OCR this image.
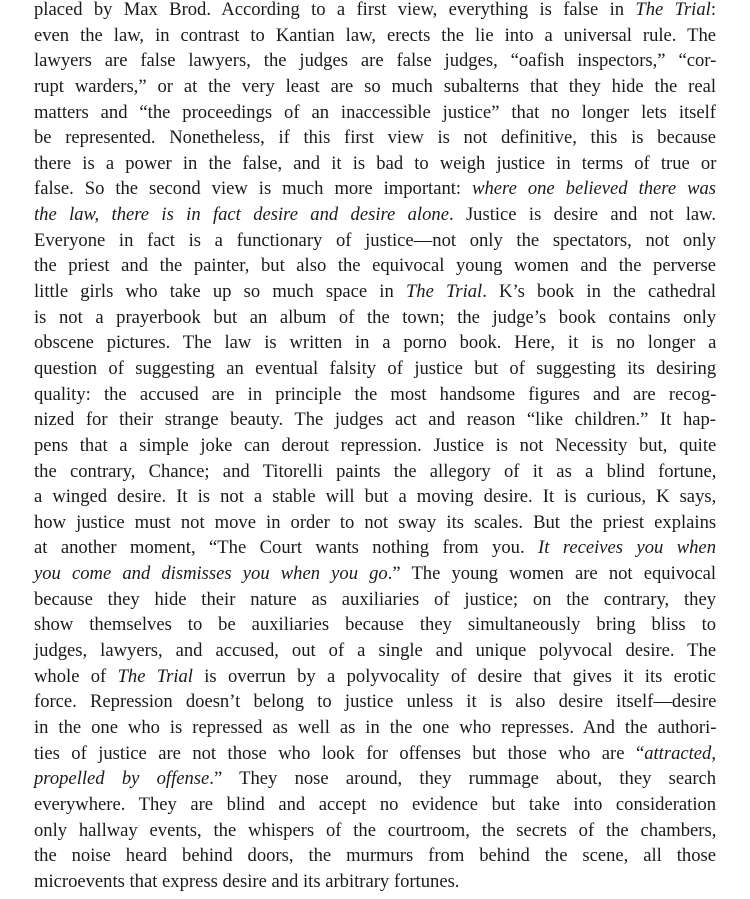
placed by Max Brod. According to a first view, everything is false in The Trial:
even the law, in contrast to Kantian law, erects the lie into a universal rule. The
lawyers are false lawyers, the judges are false judges, “oafish inspectors,” “cor-
rupt warders,” or at the very least are so much subalterns that they hide the real
matters and “the proceedings of an inaccessible justice” that no longer lets itself
be represented. Nonetheless, if this first view is not definitive, this is because
there is a power in the false, and it is bad to weigh justice in terms of true or
false. So the second view is much more important: where one believed there was
the law, there is in fact desire and desire alone. Justice is desire and not law.
Everyone in fact is a functionary of justice—not only the spectators, not only
the priest and the painter, but also the equivocal young women and the perverse
little girls who take up so much space in The Trial. K’s book in the cathedral
is not a prayerbook but an album of the town; the judge’s book contains only
obscene pictures. The law is written in a porno book. Here, it is no longer a
question of suggesting an eventual falsity of justice but of suggesting its desiring
quality: the accused are in principle the most handsome figures and are recog-
nized for their strange beauty. The judges act and reason “like children.” It hap-
pens that a simple joke can derout repression. Justice is not Necessity but, quite
the contrary, Chance; and Titorelli paints the allegory of it as a blind fortune,
a winged desire. It is not a stable will but a moving desire. It is curious, K says,
how justice must not move in order to not sway its scales. But the priest explains
at another moment, “The Court wants nothing from you. It receives you when
you come and dismisses you when you go.” The young women are not equivocal
because they hide their nature as auxiliaries of justice; on the contrary, they
show themselves to be auxiliaries because they simultaneously bring bliss to
judges, lawyers, and accused, out of a single and unique polyvocal desire. The
whole of The Trial is overrun by a polyvocality of desire that gives it its erotic
force. Repression doesn’t belong to justice unless it is also desire itself—desire
in the one who is repressed as well as in the one who represses. And the authori-
ties of justice are not those who look for offenses but those who are “attracted,
propelled by offense.” They nose around, they rummage about, they search
everywhere. They are blind and accept no evidence but take into consideration
only hallway events, the whispers of the courtroom, the secrets of the chambers,
the noise heard behind doors, the murmurs from behind the scene, all those
microevents that express desire and its arbitrary fortunes.
